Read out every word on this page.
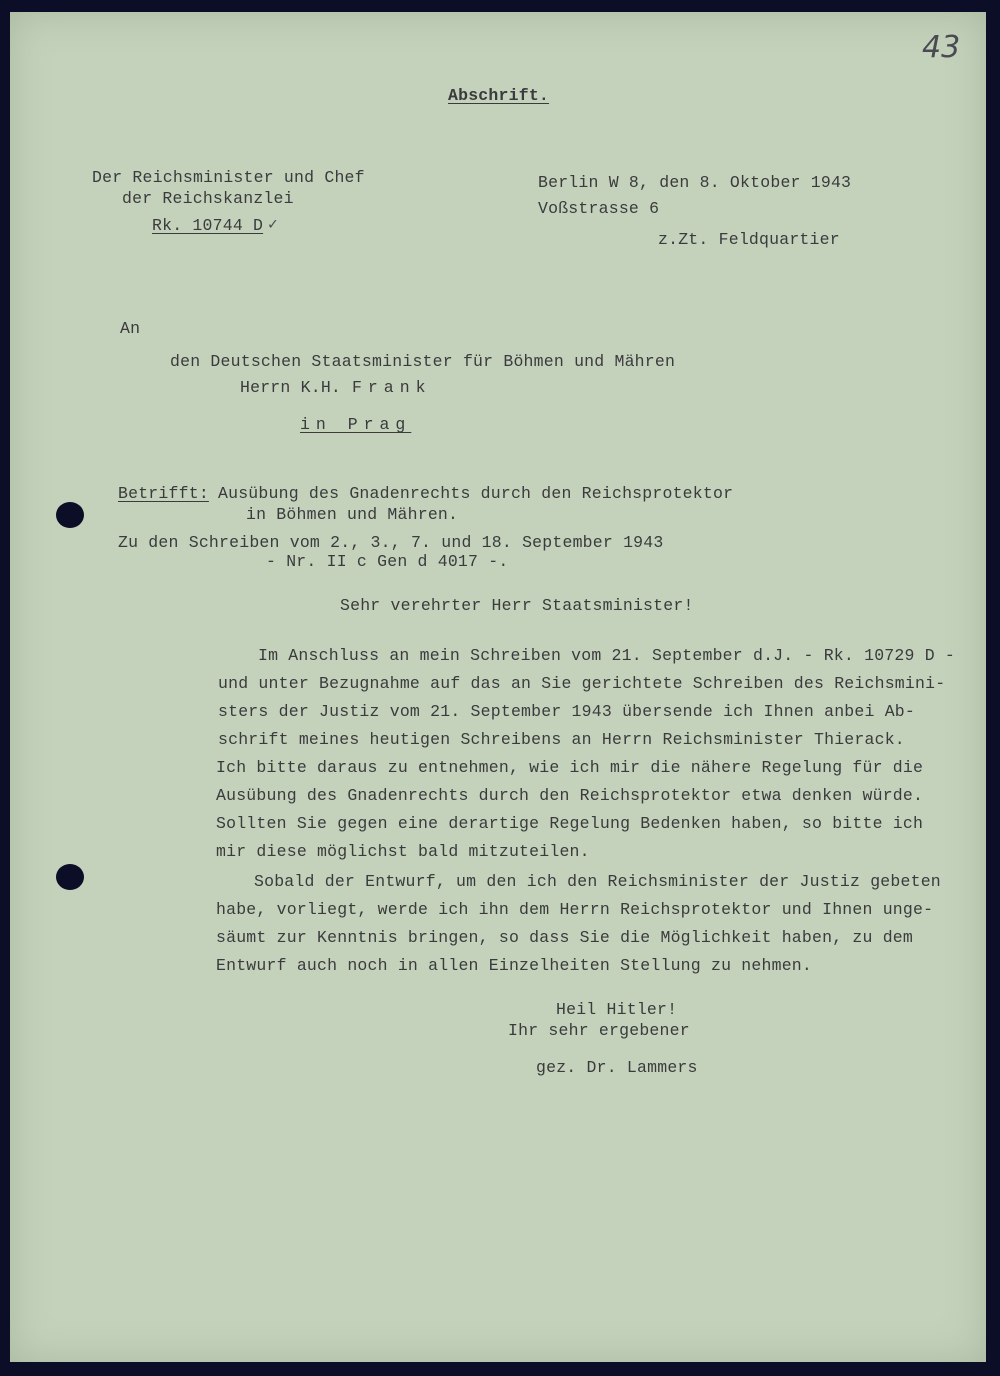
43
Abschrift.
Der Reichsminister und Chef
der Reichskanzlei
Rk. 10744 D ✓
Berlin W 8, den 8. Oktober 1943
Voßstrasse 6
z.Zt. Feldquartier
An
den Deutschen Staatsminister für Böhmen und Mähren
Herrn K.H. Frank
in Prag
Betrifft: Ausübung des Gnadenrechts durch den Reichsprotektor
in Böhmen und Mähren.
Zu den Schreiben vom 2., 3., 7. und 18. September 1943
- Nr. II c Gen d 4017 -.
Sehr verehrter Herr Staatsminister!
Im Anschluss an mein Schreiben vom 21. September d.J. - Rk. 10729 D -
und unter Bezugnahme auf das an Sie gerichtete Schreiben des Reichsmini-
sters der Justiz vom 21. September 1943 übersende ich Ihnen anbei Ab-
schrift meines heutigen Schreibens an Herrn Reichsminister Thierack.
Ich bitte daraus zu entnehmen, wie ich mir die nähere Regelung für die
Ausübung des Gnadenrechts durch den Reichsprotektor etwa denken würde.
Sollten Sie gegen eine derartige Regelung Bedenken haben, so bitte ich
mir diese möglichst bald mitzuteilen.
Sobald der Entwurf, um den ich den Reichsminister der Justiz gebeten
habe, vorliegt, werde ich ihn dem Herrn Reichsprotektor und Ihnen unge-
säumt zur Kenntnis bringen, so dass Sie die Möglichkeit haben, zu dem
Entwurf auch noch in allen Einzelheiten Stellung zu nehmen.
Heil Hitler!
Ihr sehr ergebener
gez. Dr. Lammers
